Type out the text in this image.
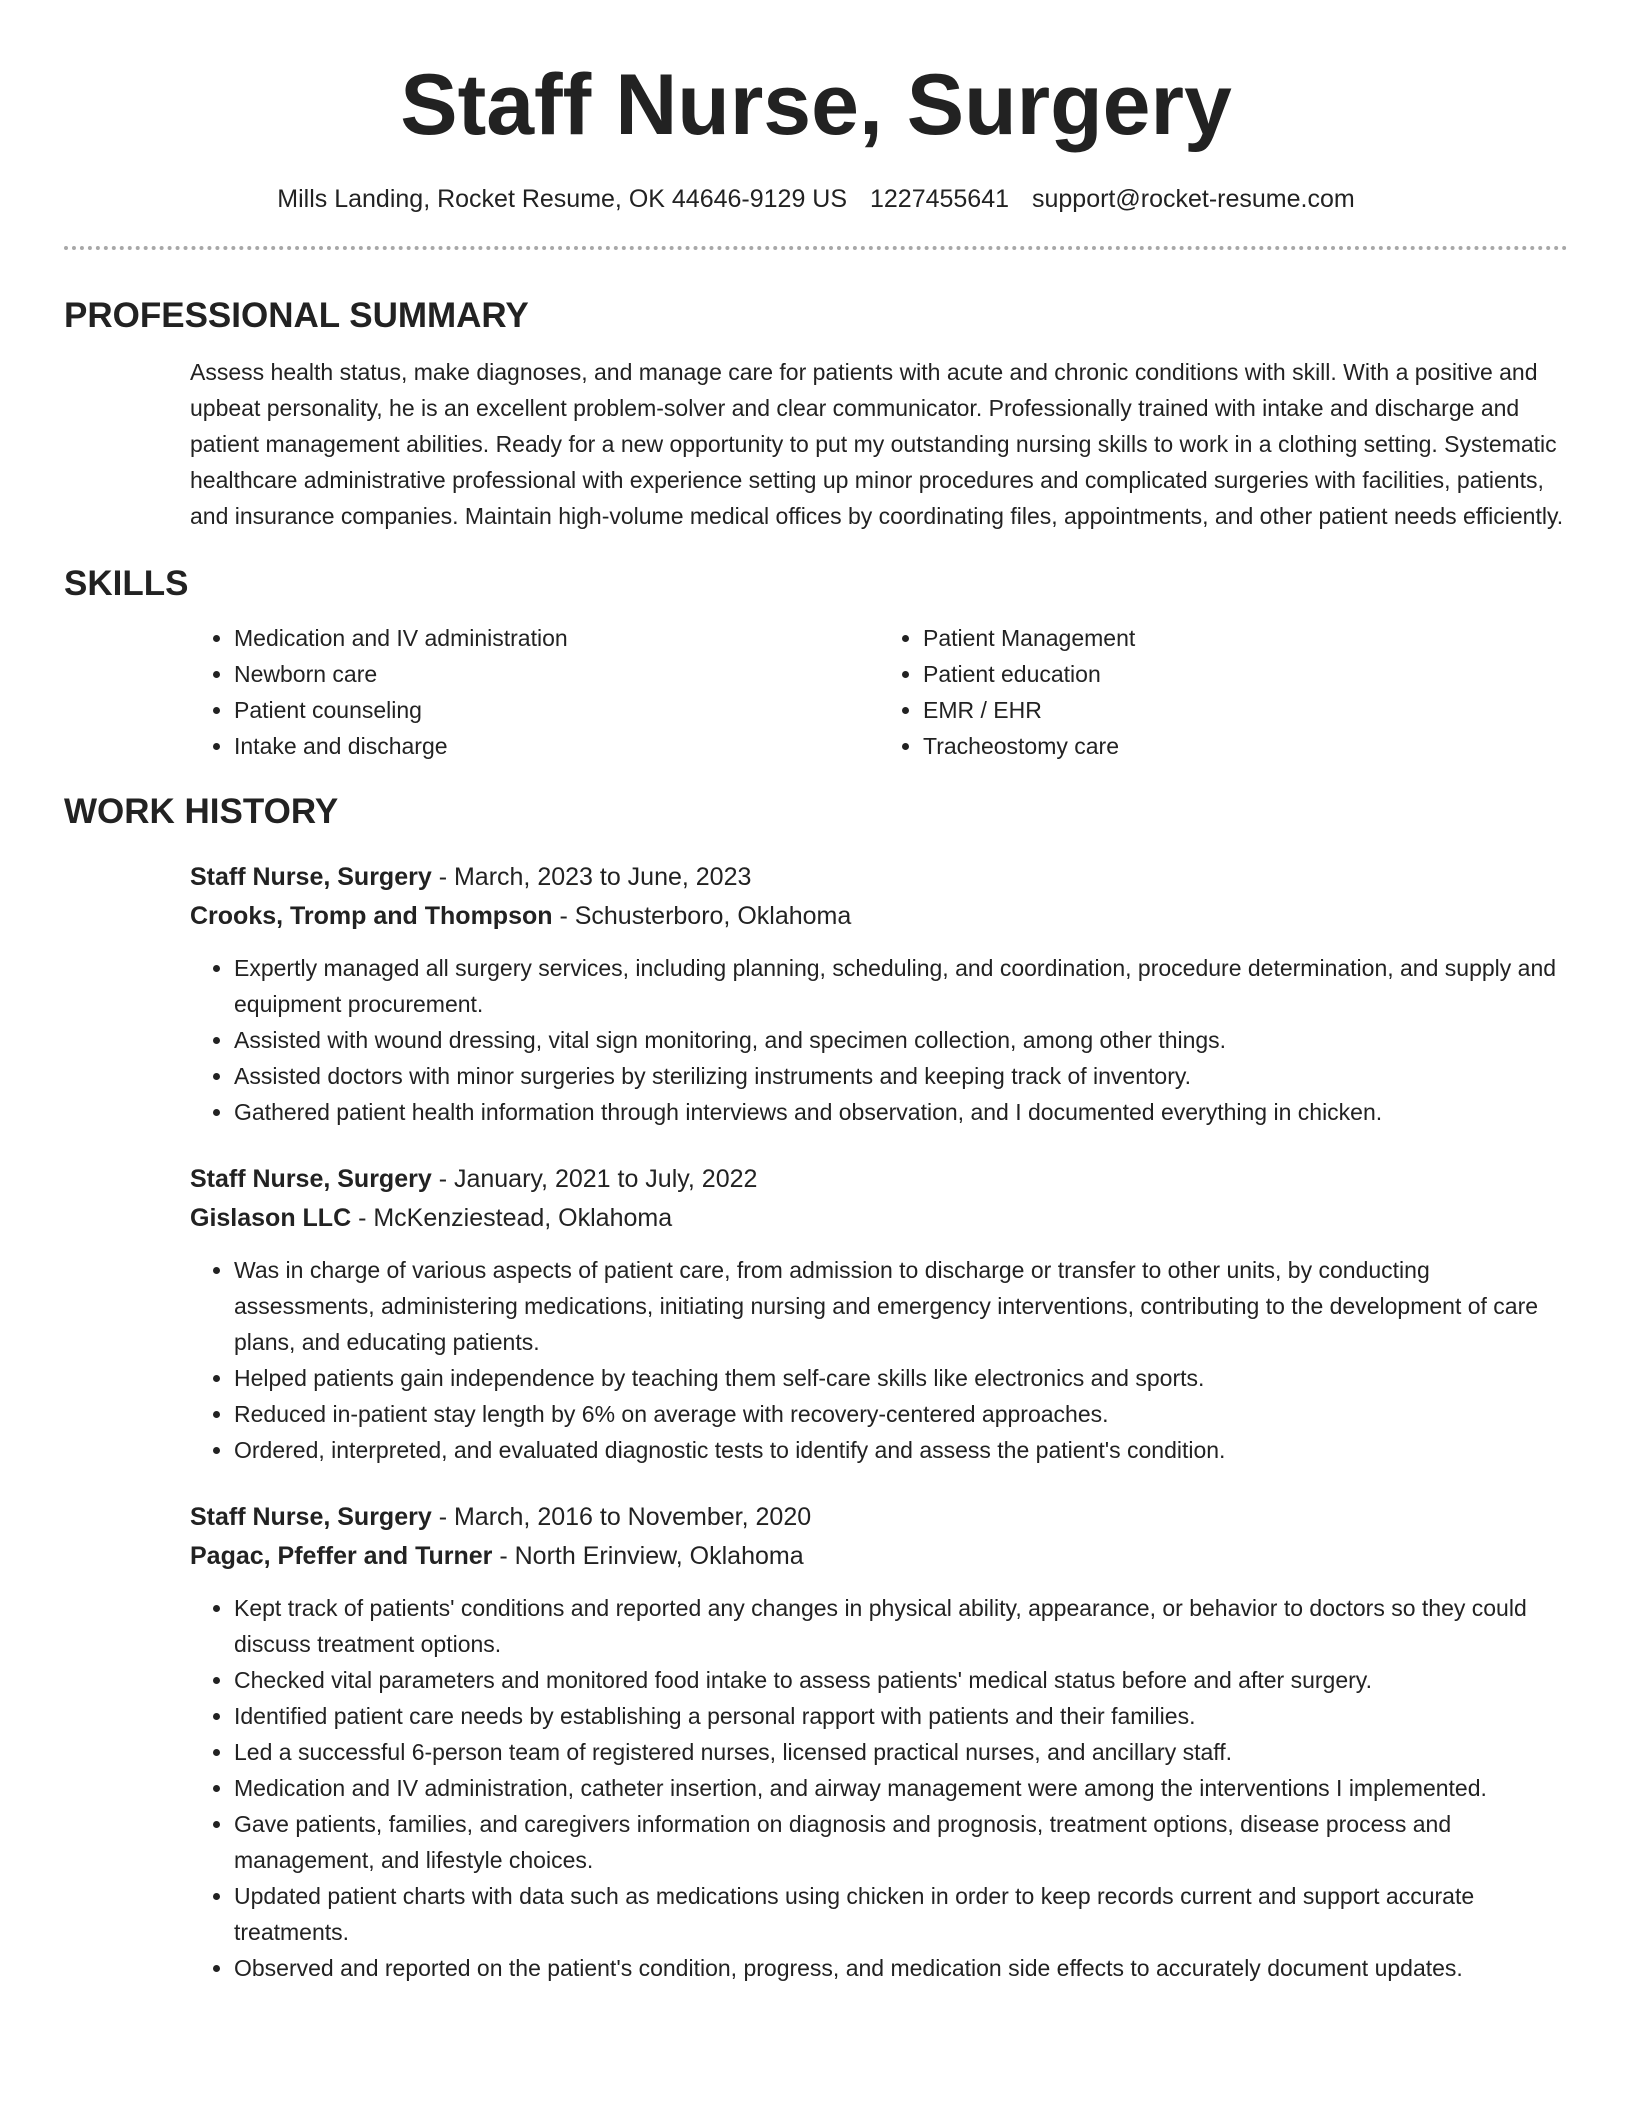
Staff Nurse, Surgery
Mills Landing, Rocket Resume, OK 44646-9129 US 1227455641 support@rocket-resume.com
PROFESSIONAL SUMMARY
Assess health status, make diagnoses, and manage care for patients with acute and chronic conditions with skill. With a positive and upbeat personality, he is an excellent problem-solver and clear communicator. Professionally trained with intake and discharge and patient management abilities. Ready for a new opportunity to put my outstanding nursing skills to work in a clothing setting. Systematic healthcare administrative professional with experience setting up minor procedures and complicated surgeries with facilities, patients, and insurance companies. Maintain high-volume medical offices by coordinating files, appointments, and other patient needs efficiently.
SKILLS
• Medication and IV administration
• Newborn care
• Patient counseling
• Intake and discharge
• Patient Management
• Patient education
• EMR / EHR
• Tracheostomy care
WORK HISTORY
Staff Nurse, Surgery - March, 2023 to June, 2023
Crooks, Tromp and Thompson - Schusterboro, Oklahoma
• Expertly managed all surgery services, including planning, scheduling, and coordination, procedure determination, and supply and equipment procurement.
• Assisted with wound dressing, vital sign monitoring, and specimen collection, among other things.
• Assisted doctors with minor surgeries by sterilizing instruments and keeping track of inventory.
• Gathered patient health information through interviews and observation, and I documented everything in chicken.
Staff Nurse, Surgery - January, 2021 to July, 2022
Gislason LLC - McKenziestead, Oklahoma
• Was in charge of various aspects of patient care, from admission to discharge or transfer to other units, by conducting assessments, administering medications, initiating nursing and emergency interventions, contributing to the development of care plans, and educating patients.
• Helped patients gain independence by teaching them self-care skills like electronics and sports.
• Reduced in-patient stay length by 6% on average with recovery-centered approaches.
• Ordered, interpreted, and evaluated diagnostic tests to identify and assess the patient's condition.
Staff Nurse, Surgery - March, 2016 to November, 2020
Pagac, Pfeffer and Turner - North Erinview, Oklahoma
• Kept track of patients' conditions and reported any changes in physical ability, appearance, or behavior to doctors so they could discuss treatment options.
• Checked vital parameters and monitored food intake to assess patients' medical status before and after surgery.
• Identified patient care needs by establishing a personal rapport with patients and their families.
• Led a successful 6-person team of registered nurses, licensed practical nurses, and ancillary staff.
• Medication and IV administration, catheter insertion, and airway management were among the interventions I implemented.
• Gave patients, families, and caregivers information on diagnosis and prognosis, treatment options, disease process and management, and lifestyle choices.
• Updated patient charts with data such as medications using chicken in order to keep records current and support accurate treatments.
• Observed and reported on the patient's condition, progress, and medication side effects to accurately document updates.
